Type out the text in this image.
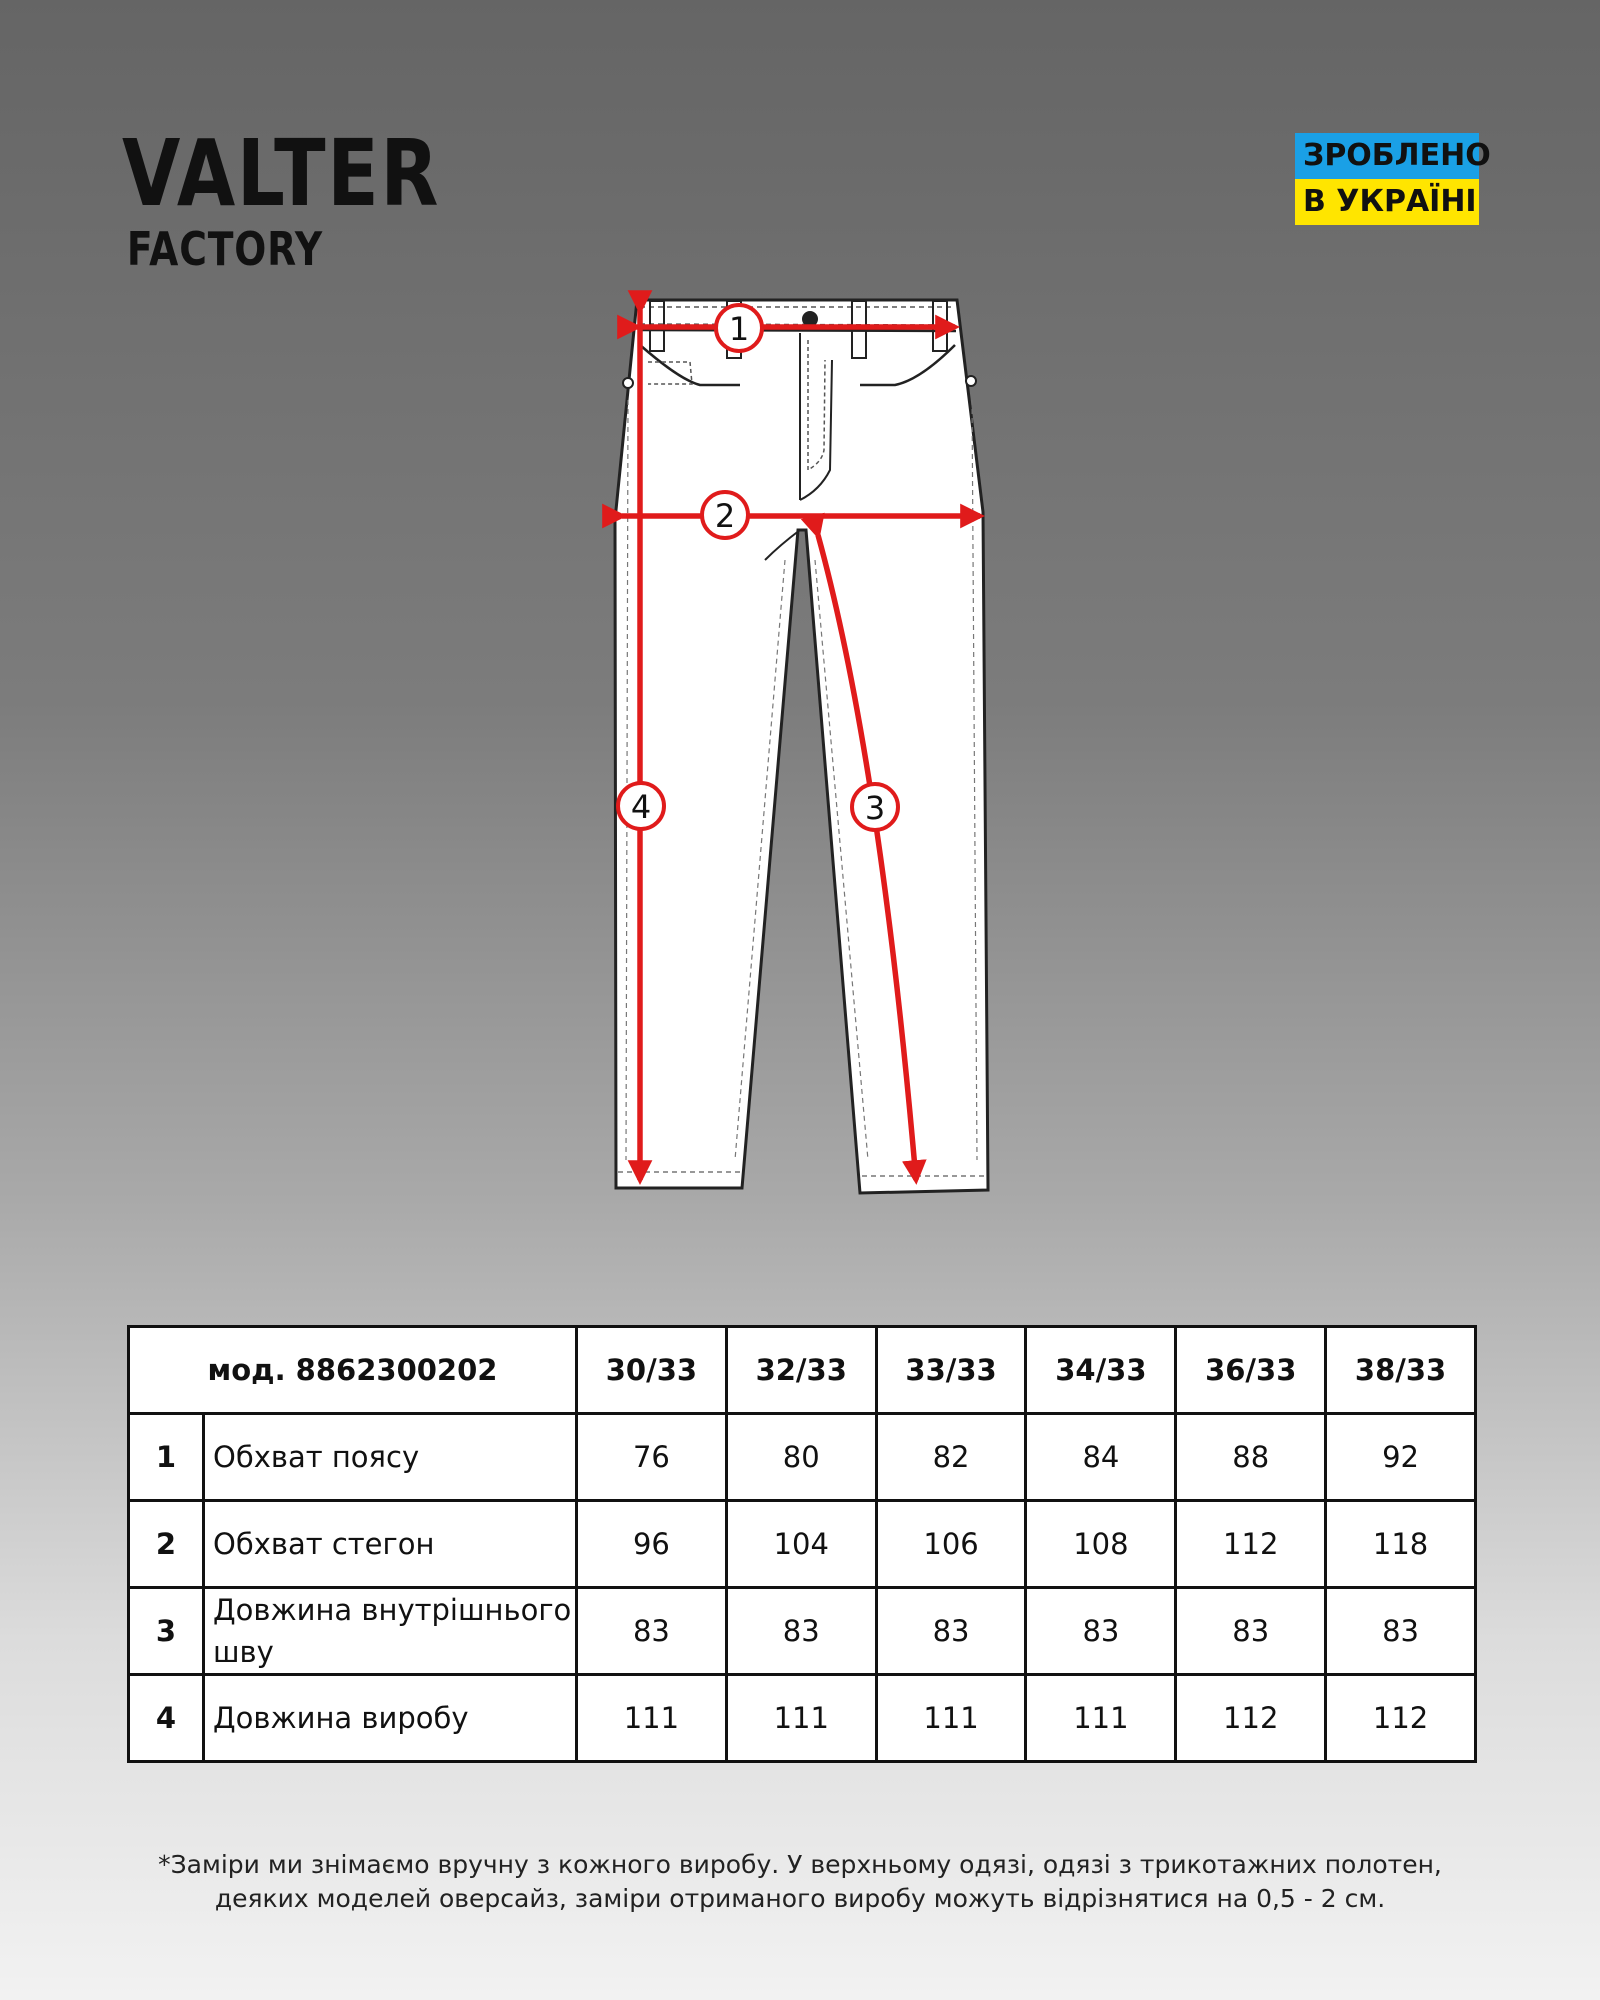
VALTER
FACTORY
ЗРОБЛЕНО
В УКРАЇНІ
1
2
3
4
мод. 8862300202		30/33	32/33	33/33	34/33	36/33	38/33
1	Обхват поясу	76	80	82	84	88	92
2	Обхват стегон	96	104	106	108	112	118
3	Довжина внутрішнього шву	83	83	83	83	83	83
4	Довжина виробу	111	111	111	111	112	112
*Заміри ми знімаємо вручну з кожного виробу. У верхньому одязі, одязі з трикотажних полотен,
деяких моделей оверсайз, заміри отриманого виробу можуть відрізнятися на 0,5 - 2 см.
